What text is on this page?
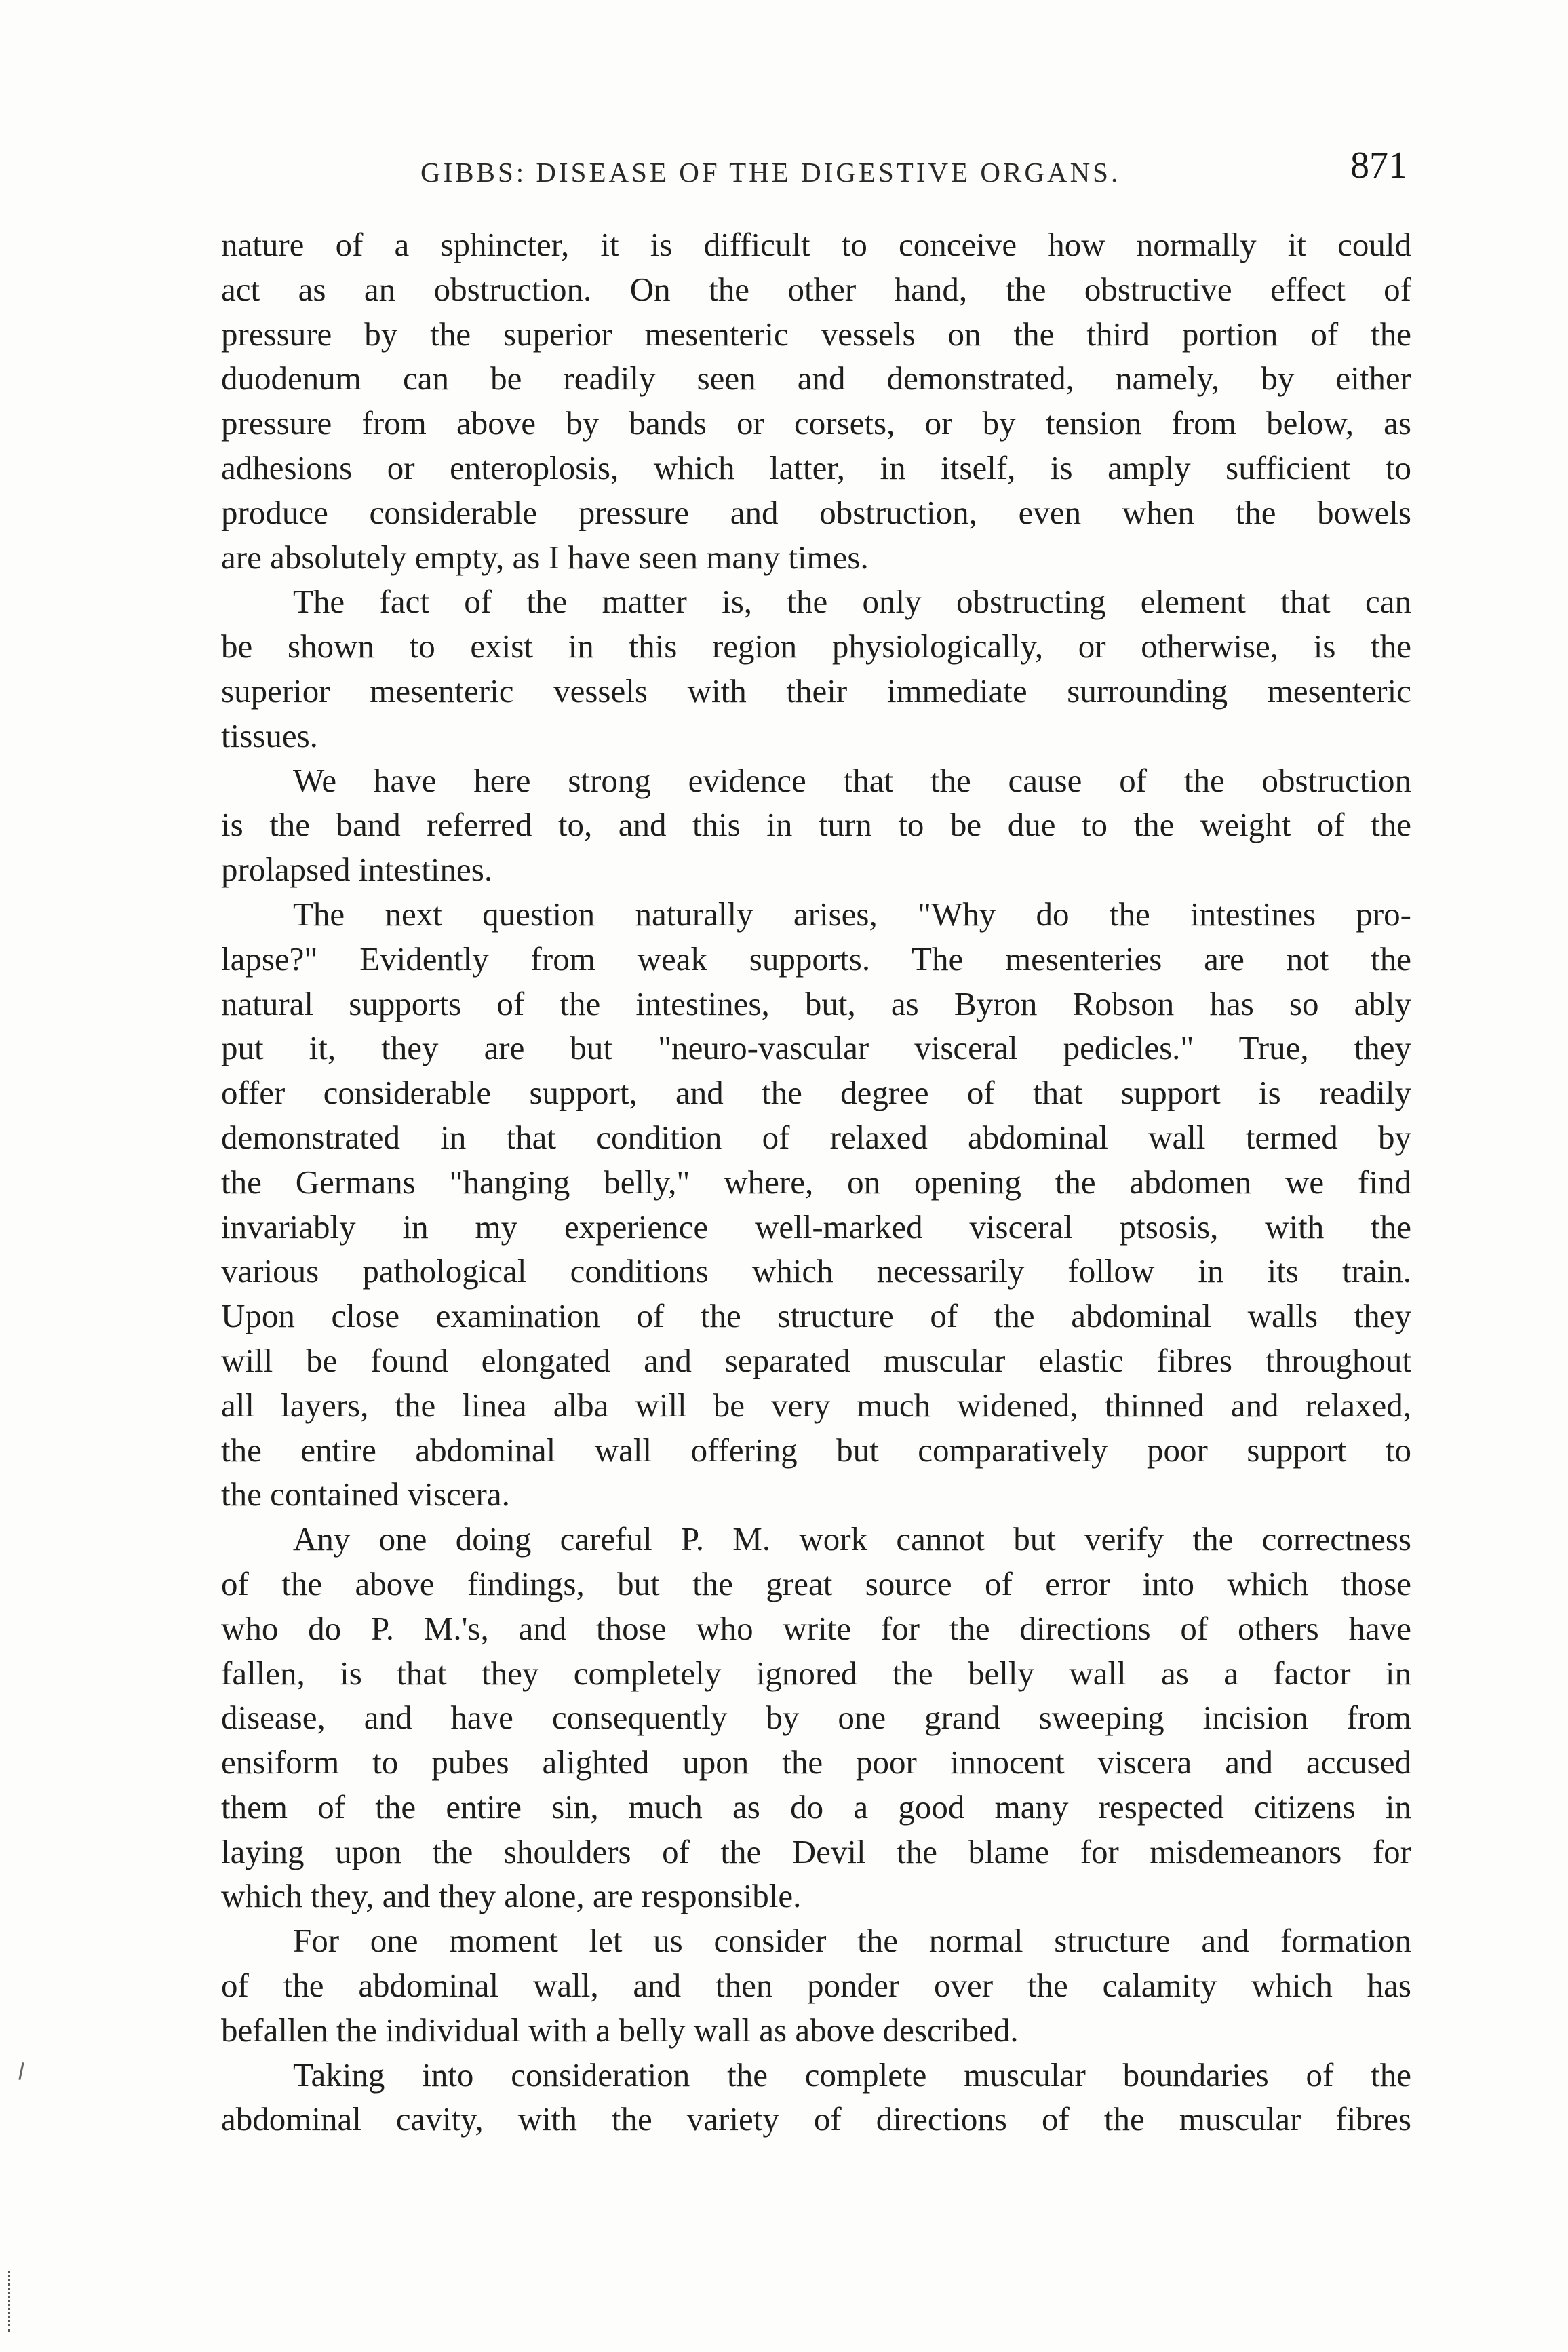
GIBBS: DISEASE OF THE DIGESTIVE ORGANS.	871
nature of a sphincter, it is difficult to conceive how normally it could
act as an obstruction. On the other hand, the obstructive effect of
pressure by the superior mesenteric vessels on the third portion of the
duodenum can be readily seen and demonstrated, namely, by either
pressure from above by bands or corsets, or by tension from below, as
adhesions or enteroplosis, which latter, in itself, is amply sufficient to
produce considerable pressure and obstruction, even when the bowels
are absolutely empty, as I have seen many times.
The fact of the matter is, the only obstructing element that can
be shown to exist in this region physiologically, or otherwise, is the
superior mesenteric vessels with their immediate surrounding mesenteric
tissues.
We have here strong evidence that the cause of the obstruction
is the band referred to, and this in turn to be due to the weight of the
prolapsed intestines.
The next question naturally arises, "Why do the intestines pro-
lapse?" Evidently from weak supports. The mesenteries are not the
natural supports of the intestines, but, as Byron Robson has so ably
put it, they are but "neuro-vascular visceral pedicles." True, they
offer considerable support, and the degree of that support is readily
demonstrated in that condition of relaxed abdominal wall termed by
the Germans "hanging belly," where, on opening the abdomen we find
invariably in my experience well-marked visceral ptsosis, with the
various pathological conditions which necessarily follow in its train.
Upon close examination of the structure of the abdominal walls they
will be found elongated and separated muscular elastic fibres throughout
all layers, the linea alba will be very much widened, thinned and relaxed,
the entire abdominal wall offering but comparatively poor support to
the contained viscera.
Any one doing careful P. M. work cannot but verify the correctness
of the above findings, but the great source of error into which those
who do P. M.'s, and those who write for the directions of others have
fallen, is that they completely ignored the belly wall as a factor in
disease, and have consequently by one grand sweeping incision from
ensiform to pubes alighted upon the poor innocent viscera and accused
them of the entire sin, much as do a good many respected citizens in
laying upon the shoulders of the Devil the blame for misdemeanors for
which they, and they alone, are responsible.
For one moment let us consider the normal structure and formation
of the abdominal wall, and then ponder over the calamity which has
befallen the individual with a belly wall as above described.
Taking into consideration the complete muscular boundaries of the
abdominal cavity, with the variety of directions of the muscular fibres
